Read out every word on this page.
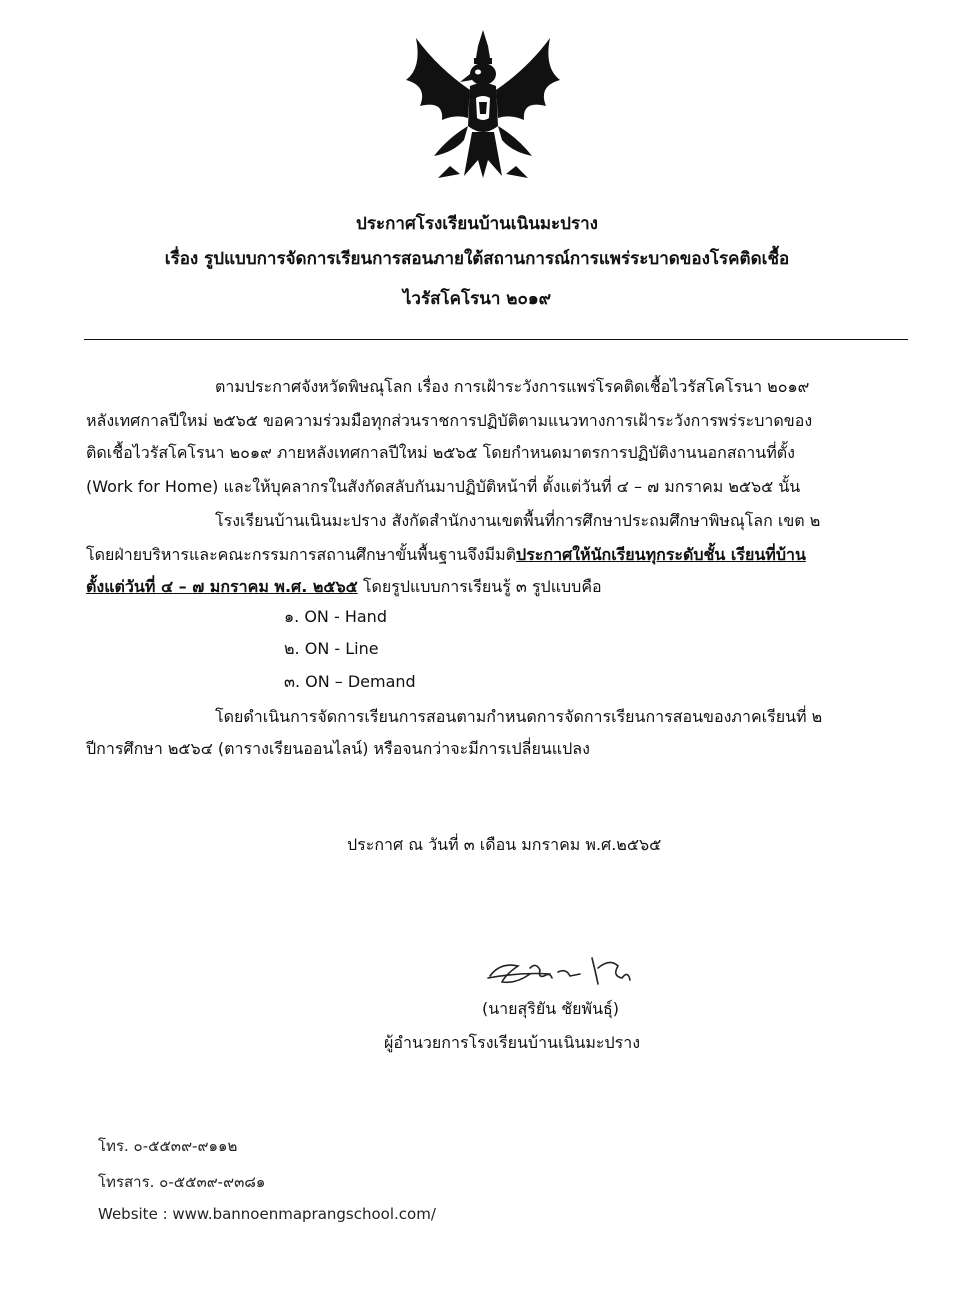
ประกาศโรงเรียนบ้านเนินมะปราง
เรื่อง รูปแบบการจัดการเรียนการสอนภายใต้สถานการณ์การแพร่ระบาดของโรคติดเชื้อ
ไวรัสโคโรนา ๒๐๑๙
ตามประกาศจังหวัดพิษณุโลก เรื่อง การเฝ้าระวังการแพร่โรคติดเชื้อไวรัสโคโรนา ๒๐๑๙
หลังเทศกาลปีใหม่ ๒๕๖๕ ขอความร่วมมือทุกส่วนราชการปฏิบัติตามแนวทางการเฝ้าระวังการพร่ระบาดของ
ติดเชื้อไวรัสโคโรนา ๒๐๑๙ ภายหลังเทศกาลปีใหม่ ๒๕๖๕ โดยกำหนดมาตรการปฏิบัติงานนอกสถานที่ตั้ง
(Work for Home) และให้บุคลากรในสังกัดสลับกันมาปฏิบัติหน้าที่ ตั้งแต่วันที่ ๔ – ๗ มกราคม ๒๕๖๕ นั้น
โรงเรียนบ้านเนินมะปราง สังกัดสำนักงานเขตพื้นที่การศึกษาประถมศึกษาพิษณุโลก เขต ๒
โดยฝ่ายบริหารและคณะกรรมการสถานศึกษาขั้นพื้นฐานจึงมีมติประกาศให้นักเรียนทุกระดับชั้น เรียนที่บ้าน
ตั้งแต่วันที่ ๔ – ๗ มกราคม พ.ศ. ๒๕๖๕ โดยรูปแบบการเรียนรู้ ๓ รูปแบบคือ
๑. ON - Hand
๒. ON - Line
๓. ON – Demand
โดยดำเนินการจัดการเรียนการสอนตามกำหนดการจัดการเรียนการสอนของภาคเรียนที่ ๒
ปีการศึกษา ๒๕๖๔ (ตารางเรียนออนไลน์) หรือจนกว่าจะมีการเปลี่ยนแปลง
ประกาศ ณ วันที่ ๓ เดือน มกราคม พ.ศ.๒๕๖๕
(นายสุริยัน ชัยพันธุ์)
ผู้อำนวยการโรงเรียนบ้านเนินมะปราง
โทร. ๐-๕๕๓๙-๙๑๑๒
โทรสาร. ๐-๕๕๓๙-๙๓๘๑
Website : www.bannoenmaprangschool.com/
